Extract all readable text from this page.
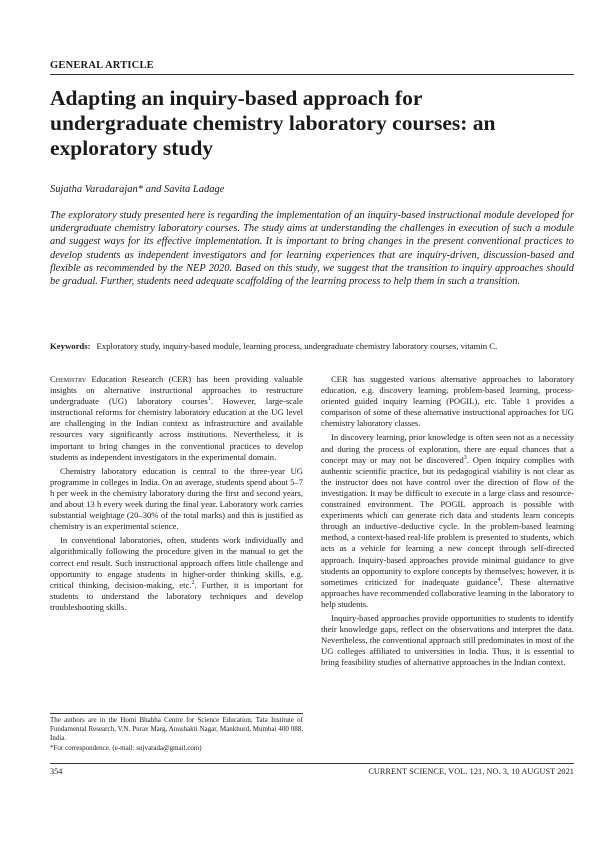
GENERAL ARTICLE
Adapting an inquiry-based approach for undergraduate chemistry laboratory courses: an exploratory study
Sujatha Varadarajan* and Savita Ladage

The exploratory study presented here is regarding the implementation of an inquiry-based instructional module developed for undergraduate chemistry laboratory courses. The study aims at understanding the challenges in execution of such a module and suggest ways for its effective implementation. It is important to bring changes in the present conventional practices to develop students as independent investigators and for learning experiences that are inquiry-driven, discussion-based and flexible as recommended by the NEP 2020. Based on this study, we suggest that the transition to inquiry approaches should be gradual. Further, students need adequate scaffolding of the learning process to help them in such a transition.

Keywords: Exploratory study, inquiry-based module, learning process, undergraduate chemistry laboratory courses, vitamin C.

Chemistry Education Research (CER) has been providing valuable insights on alternative instructional approaches to restructure undergraduate (UG) laboratory courses$^1$. However, large-scale instructional reforms for chemistry laboratory education at the UG level are challenging in the Indian context as infrastructure and available resources vary significantly across institutions. Nevertheless, it is important to bring changes in the conventional practices to develop students as independent investigators in the experimental domain.

Chemistry laboratory education is central to the three-year UG programme in colleges in India. On an average, students spend about 5–7 h per week in the chemistry laboratory during the first and second years, and about 13 h every week during the final year. Laboratory work carries substantial weightage (20–30% of the total marks) and this is justified as chemistry is an experimental science.

In conventional laboratories, often, students work individually and algorithmically following the procedure given in the manual to get the correct end result. Such instructional approach offers little challenge and opportunity to engage students in higher-order thinking skills, e.g. critical thinking, decision-making, etc.$^2$. Further, it is important for students to understand the laboratory techniques and develop troubleshooting skills.

CER has suggested various alternative approaches to laboratory education, e.g. discovery learning, problem-based learning, process-oriented guided inquiry learning (POGIL), etc. Table 1 provides a comparison of some of these alternative instructional approaches for UG chemistry laboratory classes.

In discovery learning, prior knowledge is often seen not as a necessity and during the process of exploration, there are equal chances that a concept may or may not be discovered$^3$. Open inquiry complies with authentic scientific practice, but its pedagogical viability is not clear as the instructor does not have control over the direction of flow of the investigation. It may be difficult to execute in a large class and resource-constrained environment. The POGIL approach is possible with experiments which can generate rich data and students learn concepts through an inductive–deductive cycle. In the problem-based learning method, a context-based real-life problem is presented to students, which acts as a vehicle for learning a new concept through self-directed approach. Inquiry-based approaches provide minimal guidance to give students an opportunity to explore concepts by themselves; however, it is sometimes criticized for inadequate guidance$^4$. These alternative approaches have recommended collaborative learning in the laboratory to help students.

Inquiry-based approaches provide opportunities to students to identify their knowledge gaps, reflect on the observations and interpret the data. Nevertheless, the conventional approach still predominates in most of the UG colleges affiliated to universities in India. Thus, it is essential to bring feasibility studies of alternative approaches in the Indian context.

The authors are in the Homi Bhabha Centre for Science Education, Tata Institute of Fundamental Research, V.N. Purav Marg, Anushakti Nagar, Mankhurd, Mumbai 400 088, India.
*For correspondence. (e-mail: sujvarada@gmail.com)
354	CURRENT SCIENCE, VOL. 121, NO. 3, 10 AUGUST 2021
